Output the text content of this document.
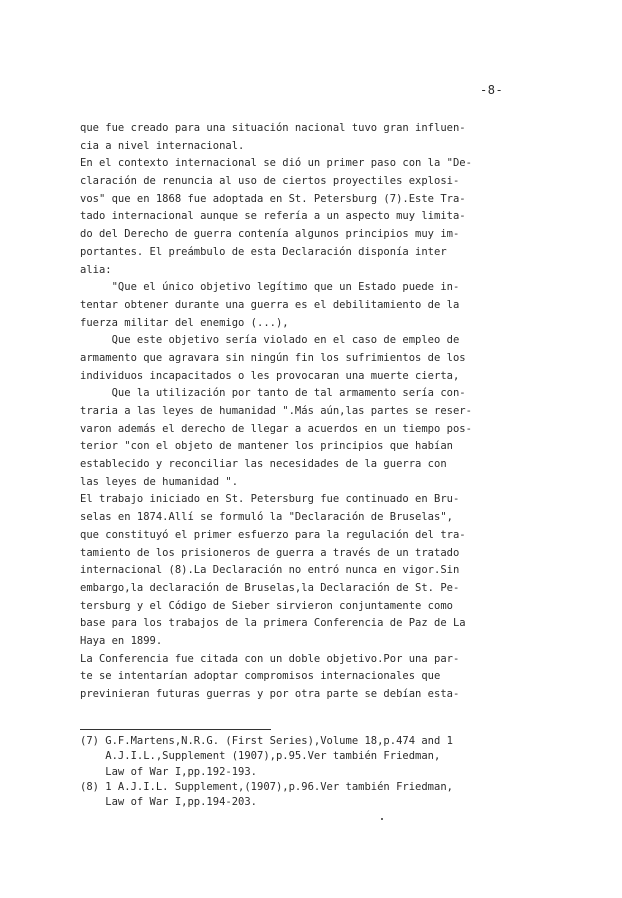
-8-
que fue creado para una situación nacional tuvo gran influen-
cia a nivel internacional.
En el contexto internacional se dió un primer paso con la "De-
claración de renuncia al uso de ciertos proyectiles explosi-
vos" que en 1868 fue adoptada en St. Petersburg (7).Este Tra-
tado internacional aunque se refería a un aspecto muy limita-
do del Derecho de guerra contenía algunos principios muy im-
portantes. El preámbulo de esta Declaración disponía inter
alia:
"Que el único objetivo legítimo que un Estado puede in-
tentar obtener durante una guerra es el debilitamiento de la
fuerza militar del enemigo (...),
Que este objetivo sería violado en el caso de empleo de
armamento que agravara sin ningún fin los sufrimientos de los
individuos incapacitados o les provocaran una muerte cierta,
Que la utilización por tanto de tal armamento sería con-
traria a las leyes de humanidad ".Más aún,las partes se reser-
varon además el derecho de llegar a acuerdos en un tiempo pos-
terior "con el objeto de mantener los principios que habían
establecido y reconciliar las necesidades de la guerra con
las leyes de humanidad ".
El trabajo iniciado en St. Petersburg fue continuado en Bru-
selas en 1874.Allí se formuló la "Declaración de Bruselas",
que constituyó el primer esfuerzo para la regulación del tra-
tamiento de los prisioneros de guerra a través de un tratado
internacional (8).La Declaración no entró nunca en vigor.Sin
embargo,la declaración de Bruselas,la Declaración de St. Pe-
tersburg y el Código de Sieber sirvieron conjuntamente como
base para los trabajos de la primera Conferencia de Paz de La
Haya en 1899.
La Conferencia fue citada con un doble objetivo.Por una par-
te se intentarían adoptar compromisos internacionales que
previnieran futuras guerras y por otra parte se debían esta-
(7) G.F.Martens,N.R.G. (First Series),Volume 18,p.474 and 1
A.J.I.L.,Supplement (1907),p.95.Ver también Friedman,
Law of War I,pp.192-193.
(8) 1 A.J.I.L. Supplement,(1907),p.96.Ver también Friedman,
Law of War I,pp.194-203.
